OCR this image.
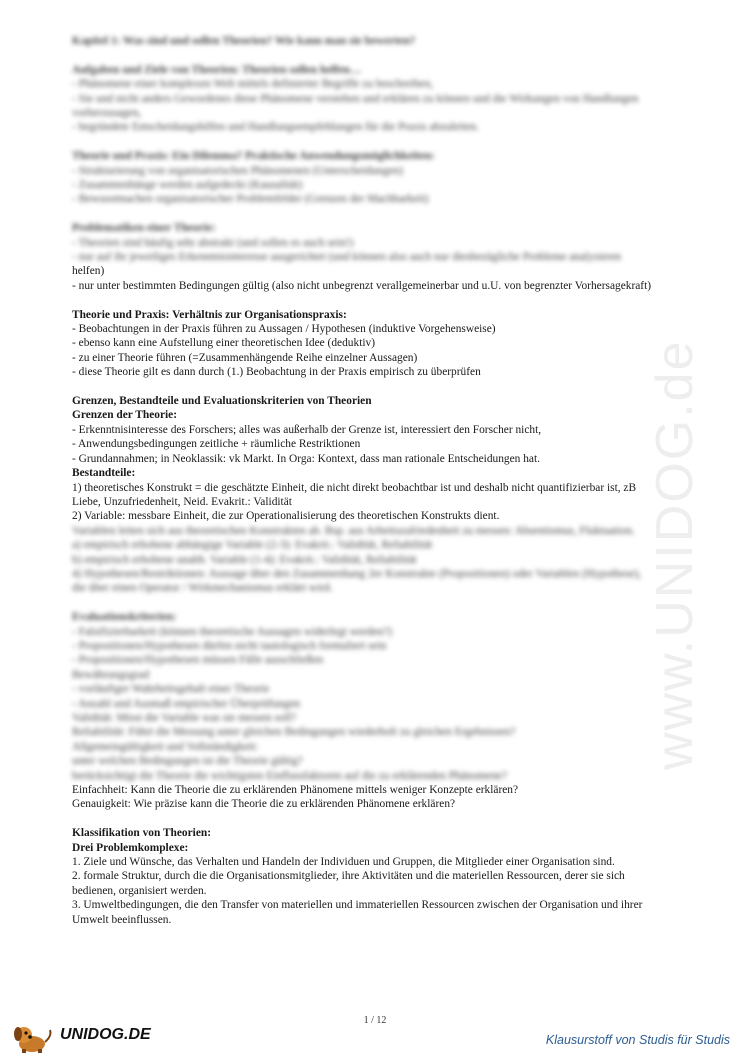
www.UNIDOG.de
Kapitel 1: Was sind und sollen Theorien? Wie kann man sie bewerten?
Aufgaben und Ziele von Theorien: Theorien sollen helfen…
- Phänomene einer komplexen Welt mittels definierter Begriffe zu beschreiben,
- Sie und nicht anders Gewordenes diese Phänomene verstehen und erklären zu können und die Wirkungen von Handlungen
vorherzusagen,
- begründete Entscheidungshilfen und Handlungsempfehlungen für die Praxis abzuleiten.
Theorie und Praxis: Ein Dilemma? Praktische Anwendungsmöglichkeiten:
- Strukturierung von organisatorischen Phänomenen (Unterscheidungen)
- Zusammenhänge werden aufgedeckt (Kausalität)
- Bewusstmachen organisatorischer Problemfelder (Grenzen der Machbarkeit)
Problematiken einer Theorie:
- Theorien sind häufig sehr abstrakt (und sollen es auch sein!)
- nur auf ihr jeweiliges Erkenntnisinteresse ausgerichtet (und können also auch nur diesbezügliche Probleme analysieren
helfen)
- nur unter bestimmten Bedingungen gültig (also nicht unbegrenzt verallgemeinerbar und u.U. von begrenzter Vorhersagekraft)
Theorie und Praxis: Verhältnis zur Organisationspraxis:
- Beobachtungen in der Praxis führen zu Aussagen / Hypothesen (induktive Vorgehensweise)
- ebenso kann eine Aufstellung einer theoretischen Idee (deduktiv)
- zu einer Theorie führen (=Zusammenhängende Reihe einzelner Aussagen)
- diese Theorie gilt es dann durch (1.) Beobachtung in der Praxis empirisch zu überprüfen
Grenzen, Bestandteile und Evaluationskriterien von Theorien
Grenzen der Theorie:
- Erkenntnisinteresse des Forschers; alles was außerhalb der Grenze ist, interessiert den Forscher nicht,
- Anwendungsbedingungen zeitliche + räumliche Restriktionen
- Grundannahmen; in Neoklassik: vk Markt. In Orga: Kontext, dass man rationale Entscheidungen hat.
Bestandteile:
1) theoretisches Konstrukt = die geschätzte Einheit, die nicht direkt beobachtbar ist und deshalb nicht quantifizierbar ist, zB
Liebe, Unzufriedenheit, Neid. Evakrit.: Validität
2) Variable: messbare Einheit, die zur Operationalisierung des theoretischen Konstrukts dient.
Variablen leiten sich aus theoretischen Konstrukten ab. Bsp. aus Arbeitszufriedenheit zu messen: Absentismus, Fluktuation.
a) empirisch erhobene abhängige Variable (2-3): Evakrit.: Validität, Reliabilität
b) empirisch erhobene unabh. Variable (1-4): Evakrit.: Validität, Reliabilität
4) Hypothesen/Restriktionen: Aussage über den Zusammenhang 2er Konstrukte (Propositionen) oder Variablen (Hypothese),
die über einen Operator / Wirkmechanismus erklärt wird.
Evaluationskriterien:
- Falsifizierbarkeit (können theoretische Aussagen widerlegt werden?)
- Propositionen/Hypothesen dürfen nicht tautologisch formuliert sein
- Propositionen/Hypothesen müssen Fälle ausschließen
Bewährungsgrad
- vorläufiger Wahrheitsgehalt einer Theorie
- Anzahl und Ausmaß empirischer Überprüfungen
Validität: Misst die Variable was sie messen soll?
Reliabilität: Führt die Messung unter gleichen Bedingungen wiederholt zu gleichen Ergebnissen?
Allgemeingültigkeit und Vollständigkeit:
unter welchen Bedingungen ist die Theorie gültig?
berücksichtigt die Theorie die wichtigsten Einflussfaktoren auf die zu erklärenden Phänomene?
Einfachheit: Kann die Theorie die zu erklärenden Phänomene mittels weniger Konzepte erklären?
Genauigkeit: Wie präzise kann die Theorie die zu erklärenden Phänomene erklären?
Klassifikation von Theorien:
Drei Problemkomplexe:
1. Ziele und Wünsche, das Verhalten und Handeln der Individuen und Gruppen, die Mitglieder einer Organisation sind.
2. formale Struktur, durch die die Organisationsmitglieder, ihre Aktivitäten und die materiellen Ressourcen, derer sie sich
bedienen, organisiert werden.
3. Umweltbedingungen, die den Transfer von materiellen und immateriellen Ressourcen zwischen der Organisation und ihrer
Umwelt beeinflussen.
1 / 12
UNIDOG.DE	Klausurstoff von Studis für Studis
